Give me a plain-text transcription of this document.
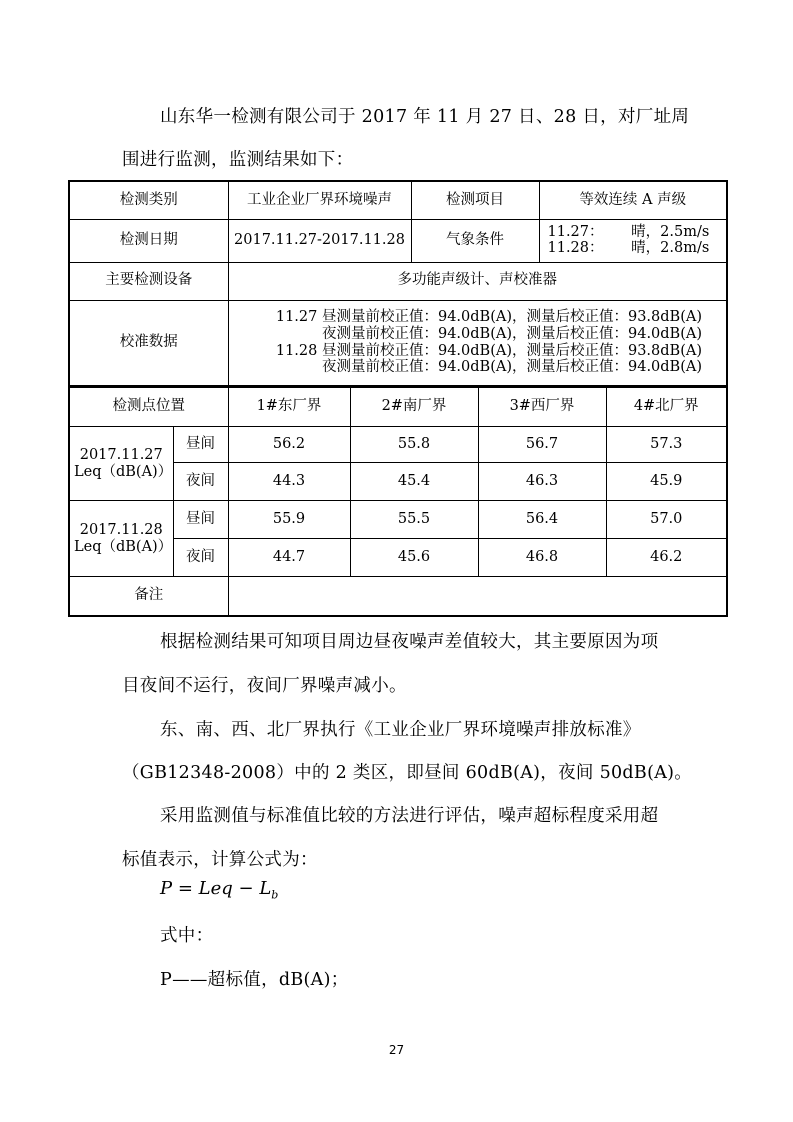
山东华一检测有限公司于 2017 年 11 月 27 日、28 日，对厂址周
围进行监测，监测结果如下：
检测类别	工业企业厂界环境噪声	检测项目	等效连续 A 声级
检测日期	2017.11.27-2017.11.28	气象条件	11.27：      晴，2.5m/s
11.28：      晴，2.8m/s

主要检测设备	多功能声级计、声校准器		
校准数据	11.27 昼测量前校正值：94.0dB(A)，测量后校正值：93.8dB(A)
夜测量前校正值：94.0dB(A)，测量后校正值：94.0dB(A)
11.28 昼测量前校正值：94.0dB(A)，测量后校正值：93.8dB(A)
夜测量前校正值：94.0dB(A)，测量后校正值：94.0dB(A)		
检测点位置		1#东厂界	2#南厂界	3#西厂界	4#北厂界

2017.11.27
Leq（dB(A)）	昼间	56.2	55.8	56.7	57.3
	夜间	44.3	45.4	46.3	45.9

2017.11.28
Leq（dB(A)）	昼间	55.9	55.5	56.4	57.0
	夜间	44.7	45.6	46.8	46.2
备注					
根据检测结果可知项目周边昼夜噪声差值较大，其主要原因为项
目夜间不运行，夜间厂界噪声减小。
东、南、西、北厂界执行《工业企业厂界环境噪声排放标准》
（GB12348-2008）中的 2 类区，即昼间 60dB(A)，夜间 50dB(A)。
采用监测值与标准值比较的方法进行评估，噪声超标程度采用超
标值表示，计算公式为：
P = Leq − $L_b$
式中：
P——超标值，dB(A)；
27
